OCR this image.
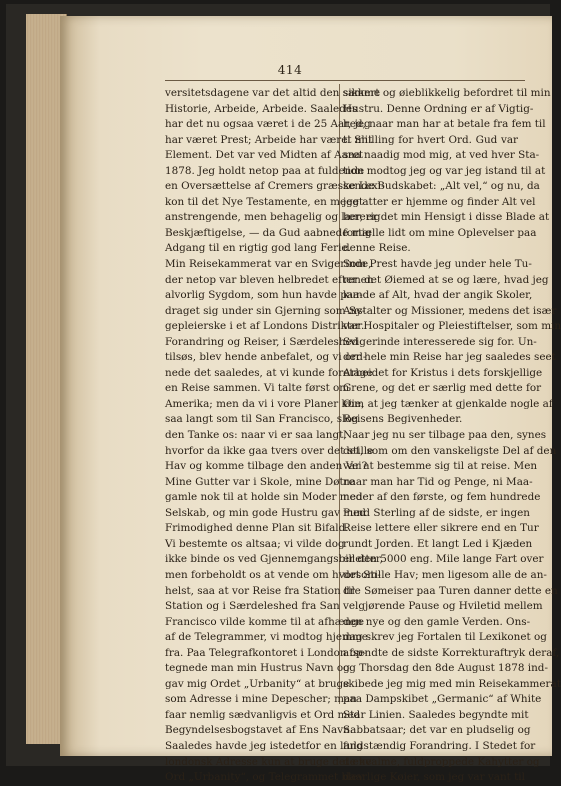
414
versitetsdagene var det altid den samme
Historie, Arbeide, Arbeide. Saaledes
har det nu ogsaa været i de 25 Aar, jeg
har været Prest; Arbeide har været mit
Element. Det var ved Midten af Aaret
1878. Jeg holdt netop paa at fuldende
en Oversættelse af Cremers græske Lexi-
kon til det Nye Testamente, en meget
anstrengende, men behagelig og lærerig
Beskjæftigelse, — da Gud aabnede mig
Adgang til en rigtig god lang Ferie.
Min Reisekammerat var en Svigerinde,
der netop var bleven helbredet efter en
alvorlig Sygdom, som hun havde paa-
draget sig under sin Gjerning som Sy-
gepleierske i et af Londons Distrikter.
Forandring og Reiser, i Særdeleshed
tilsøs, blev hende anbefalet, og vi ord-
nede det saaledes, at vi kunde foretage
en Reise sammen. Vi talte først om
Amerika; men da vi i vore Planer kom
saa langt som til San Francisco, slog
den Tanke os: naar vi er saa langt,
hvorfor da ikke gaa tvers over det stille
Hav og komme tilbage den anden Vei?
Mine Gutter var i Skole, mine Døtre
gamle nok til at holde sin Moder med
Selskab, og min gode Hustru gav med
Frimodighed denne Plan sit Bifald.
Vi bestemte os altsaa; vi vilde dog
ikke binde os ved Gjennemgangsbilletter,
men forbeholdt os at vende om hvorsom-
helst, saa at vor Reise fra Station til
Station og i Særdeleshed fra San
Francisco vilde komme til at afhænge
af de Telegrammer, vi modtog hjemme
fra. Paa Telegrafkontoret i London op-
tegnede man min Hustrus Navn og
gav mig Ordet „Urbanity“ at bruge
som Adresse i mine Depescher; man
faar nemlig sædvanligvis et Ord med
Begyndelsesbogstavet af Ens Navn.
Saaledes havde jeg istedetfor en lang
londonsk Adresse kun at bruge det ene
Ord „Urbanity“, og Telegrammet blev
sikkert og øieblikkelig befordret til min
Hustru. Denne Ordning er af Vigtig-
hed, naar man har at betale fra fem til
ti Shilling for hvert Ord. Gud var
saa naadig mod mig, at ved hver Sta-
tion modtog jeg og var jeg istand til at
sende Budskabet: „Alt vel,“ og nu, da
jeg atter er hjemme og finder Alt vel
her, er det min Hensigt i disse Blade at
fortælle lidt om mine Oplevelser paa
denne Reise.
Som Prest havde jeg under hele Tu-
ren det Øiemed at se og lære, hvad jeg
kunde af Alt, hvad der angik Skoler,
Anstalter og Missioner, medens det især
var Hospitaler og Pleiestiftelser, som min
Svigerinde interesserede sig for. Un-
der hele min Reise har jeg saaledes seet
Arbeidet for Kristus i dets forskjellige
Grene, og det er særlig med dette for
Øie, at jeg tænker at gjenkalde nogle af
Reisens Begivenheder.
Naar jeg nu ser tilbage paa den, synes
det, som om den vanskeligste Del af den
var at bestemme sig til at reise. Men
naar man har Tid og Penge, ni Maa-
neder af den første, og fem hundrede
Pund Sterling af de sidste, er ingen
Reise lettere eller sikrere end en Tur
rundt Jorden. Et langt Led i Kjæden
er den 5000 eng. Mile lange Fart over
det Stille Hav; men ligesom alle de an-
dre Sømeiser paa Turen danner dette en
velgjørende Pause og Hviletid mellem
den nye og den gamle Verden. Ons-
dag skrev jeg Fortalen til Lexikonet og
afsendte de sidste Korrekturaftryk deraf,
og Thorsdag den 8de August 1878 ind-
skibede jeg mig med min Reisekammerat
paa Dampskibet „Germanic“ af White
Star Linien. Saaledes begyndte mit
Sabbatsaar; det var en pludselig og
fuldstændig Forandring. I Stedet for
de kvalme, fuldproppede Kahytter og
daarlige Køier, som jeg var vant til
